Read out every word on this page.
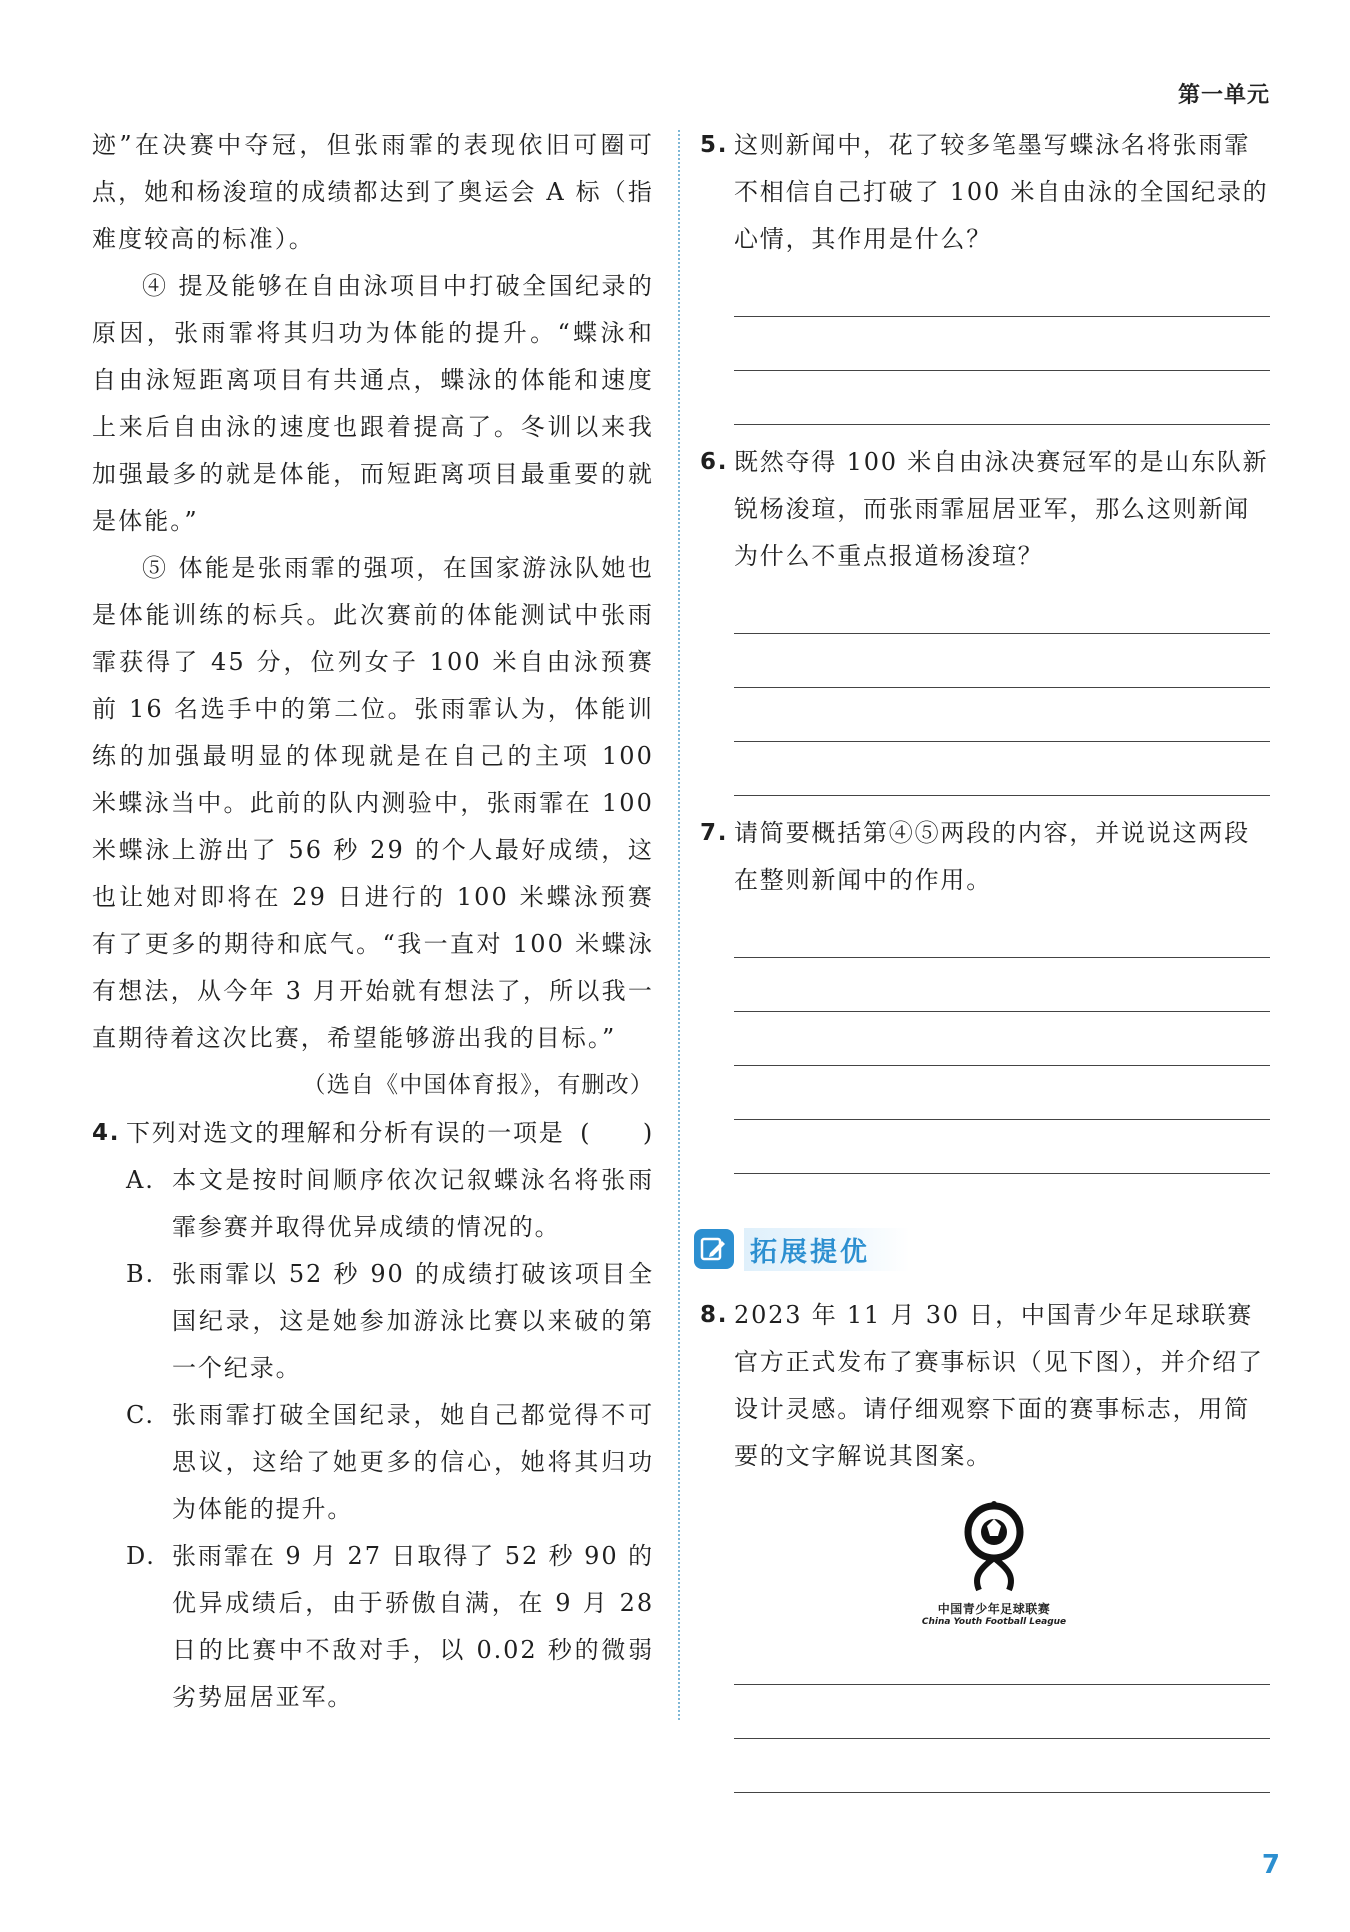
第一单元

迹”在决赛中夺冠，但张雨霏的表现依旧可圈可点，她和杨浚瑄的成绩都达到了奥运会 A 标（指难度较高的标准）。

④ 提及能够在自由泳项目中打破全国纪录的原因，张雨霏将其归功为体能的提升。“蝶泳和自由泳短距离项目有共通点，蝶泳的体能和速度上来后自由泳的速度也跟着提高了。冬训以来我加强最多的就是体能，而短距离项目最重要的就是体能。”

⑤ 体能是张雨霏的强项，在国家游泳队她也是体能训练的标兵。此次赛前的体能测试中张雨霏获得了 45 分，位列女子 100 米自由泳预赛前 16 名选手中的第二位。张雨霏认为，体能训练的加强最明显的体现就是在自己的主项 100 米蝶泳当中。此前的队内测验中，张雨霏在 100 米蝶泳上游出了 56 秒 29 的个人最好成绩，这也让她对即将在 29 日进行的 100 米蝶泳预赛有了更多的期待和底气。“我一直对 100 米蝶泳有想法，从今年 3 月开始就有想法了，所以我一直期待着这次比赛，希望能够游出我的目标。”

（选自《中国体育报》，有删改）

4. 下列对选文的理解和分析有误的一项是 (　　)
A. 本文是按时间顺序依次记叙蝶泳名将张雨霏参赛并取得优异成绩的情况的。
B. 张雨霏以 52 秒 90 的成绩打破该项目全国纪录，这是她参加游泳比赛以来破的第一个纪录。
C. 张雨霏打破全国纪录，她自己都觉得不可思议，这给了她更多的信心，她将其归功为体能的提升。
D. 张雨霏在 9 月 27 日取得了 52 秒 90 的优异成绩后，由于骄傲自满，在 9 月 28 日的比赛中不敌对手，以 0.02 秒的微弱劣势屈居亚军。
5. 这则新闻中，花了较多笔墨写蝶泳名将张雨霏不相信自己打破了 100 米自由泳的全国纪录的心情，其作用是什么？
6. 既然夺得 100 米自由泳决赛冠军的是山东队新锐杨浚瑄，而张雨霏屈居亚军，那么这则新闻为什么不重点报道杨浚瑄？
7. 请简要概括第④⑤两段的内容，并说说这两段在整则新闻中的作用。
拓展提优
8. 2023 年 11 月 30 日，中国青少年足球联赛官方正式发布了赛事标识（见下图），并介绍了设计灵感。请仔细观察下面的赛事标志，用简要的文字解说其图案。
中国青少年足球联赛
China Youth Football League
7
